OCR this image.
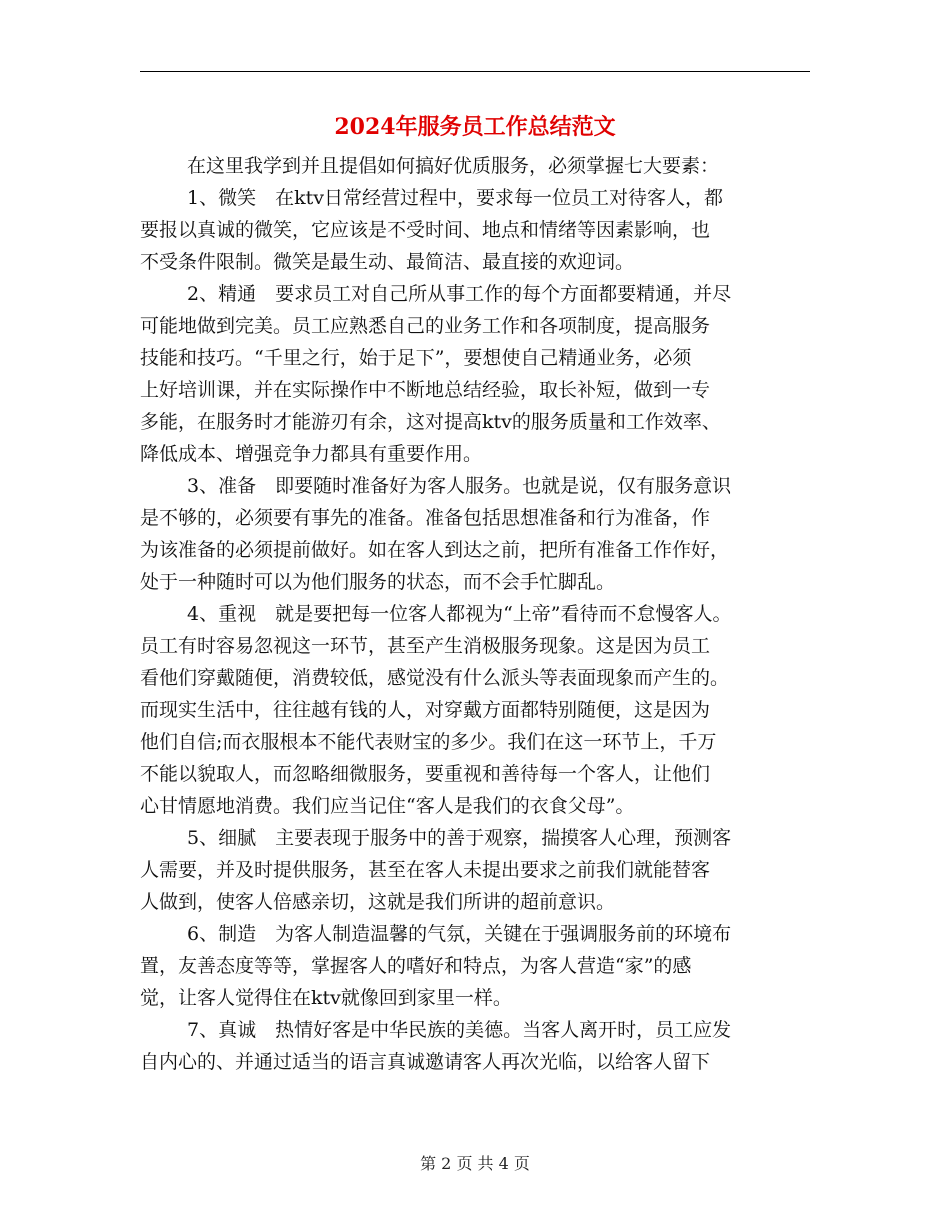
2024年服务员工作总结范文

在这里我学到并且提倡如何搞好优质服务，必须掌握七大要素：

1、微笑　在ktv日常经营过程中，要求每一位员工对待客人，都

要报以真诚的微笑，它应该是不受时间、地点和情绪等因素影响，也

不受条件限制。微笑是最生动、最简洁、最直接的欢迎词。

2、精通　要求员工对自己所从事工作的每个方面都要精通，并尽

可能地做到完美。员工应熟悉自己的业务工作和各项制度，提高服务

技能和技巧。“千里之行，始于足下”，要想使自己精通业务，必须

上好培训课，并在实际操作中不断地总结经验，取长补短，做到一专

多能，在服务时才能游刃有余，这对提高ktv的服务质量和工作效率、

降低成本、增强竞争力都具有重要作用。

3、准备　即要随时准备好为客人服务。也就是说，仅有服务意识

是不够的，必须要有事先的准备。准备包括思想准备和行为准备，作

为该准备的必须提前做好。如在客人到达之前，把所有准备工作作好，

处于一种随时可以为他们服务的状态，而不会手忙脚乱。

4、重视　就是要把每一位客人都视为“上帝”看待而不怠慢客人。

员工有时容易忽视这一环节，甚至产生消极服务现象。这是因为员工

看他们穿戴随便，消费较低，感觉没有什么派头等表面现象而产生的。

而现实生活中，往往越有钱的人，对穿戴方面都特别随便，这是因为

他们自信;而衣服根本不能代表财宝的多少。我们在这一环节上，千万

不能以貌取人，而忽略细微服务，要重视和善待每一个客人，让他们

心甘情愿地消费。我们应当记住“客人是我们的衣食父母”。

5、细腻　主要表现于服务中的善于观察，揣摸客人心理，预测客

人需要，并及时提供服务，甚至在客人未提出要求之前我们就能替客

人做到，使客人倍感亲切，这就是我们所讲的超前意识。

6、制造　为客人制造温馨的气氛，关键在于强调服务前的环境布

置，友善态度等等，掌握客人的嗜好和特点，为客人营造“家”的感

觉，让客人觉得住在ktv就像回到家里一样。

7、真诚　热情好客是中华民族的美德。当客人离开时，员工应发

自内心的、并通过适当的语言真诚邀请客人再次光临，以给客人留下

第 2 页 共 4 页
